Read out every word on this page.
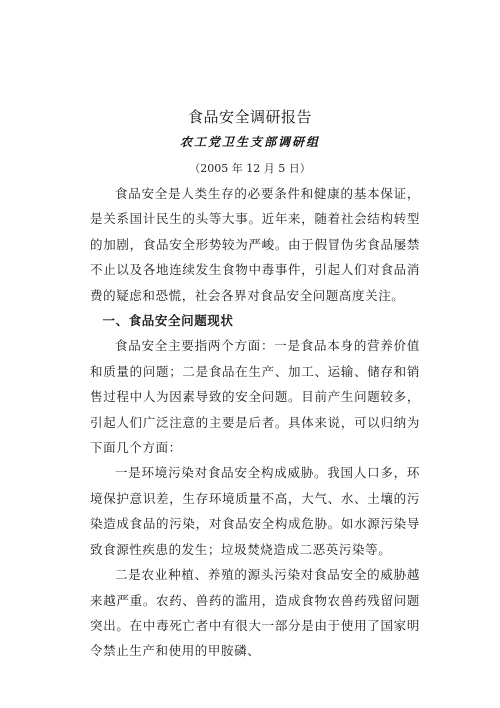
食品安全调研报告
农工党卫生支部调研组
（2005 年 12 月 5 日）

食品安全是人类生存的必要条件和健康的基本保证，是关系国计民生的头等大事。近年来，随着社会结构转型的加剧，食品安全形势较为严峻。由于假冒伪劣食品屡禁不止以及各地连续发生食物中毒事件，引起人们对食品消费的疑虑和恐慌，社会各界对食品安全问题高度关注。

一、食品安全问题现状

食品安全主要指两个方面：一是食品本身的营养价值和质量的问题；二是食品在生产、加工、运输、储存和销售过程中人为因素导致的安全问题。目前产生问题较多，引起人们广泛注意的主要是后者。具体来说，可以归纳为下面几个方面：

一是环境污染对食品安全构成威胁。我国人口多，环境保护意识差，生存环境质量不高，大气、水、土壤的污染造成食品的污染，对食品安全构成危胁。如水源污染导致食源性疾患的发生；垃圾焚烧造成二恶英污染等。

二是农业种植、养殖的源头污染对食品安全的威胁越来越严重。农药、兽药的滥用，造成食物农兽药残留问题突出。在中毒死亡者中有很大一部分是由于使用了国家明令禁止生产和使用的甲胺磷、
